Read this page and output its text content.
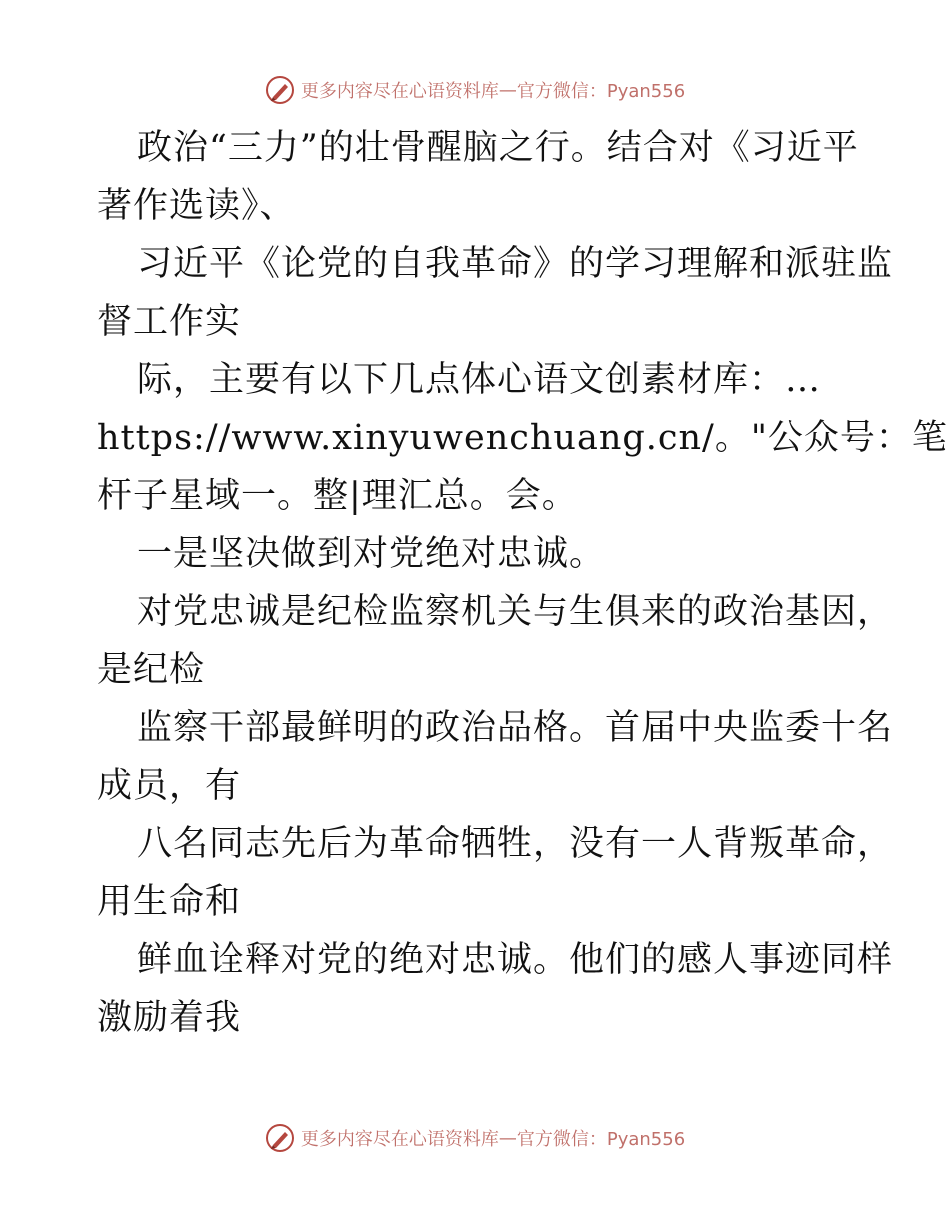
更多内容尽在心语资料库 — 官方微信：Pyan556
政治“三力”的壮骨醒脑之行。结合对《习近平
著作选读》、
习近平《论党的自我革命》的学习理解和派驻监
督工作实
际，主要有以下几点体心语文创素材库：…
https://www.xinyuwenchuang.cn/。"公众号：笔
杆子星域一。整|理汇总。会。
一是坚决做到对党绝对忠诚。
对党忠诚是纪检监察机关与生俱来的政治基因，
是纪检
监察干部最鲜明的政治品格。首届中央监委十名
成员，有
八名同志先后为革命牺牲，没有一人背叛革命，
用生命和
鲜血诠释对党的绝对忠诚。他们的感人事迹同样
激励着我
更多内容尽在心语资料库 — 官方微信：Pyan556
